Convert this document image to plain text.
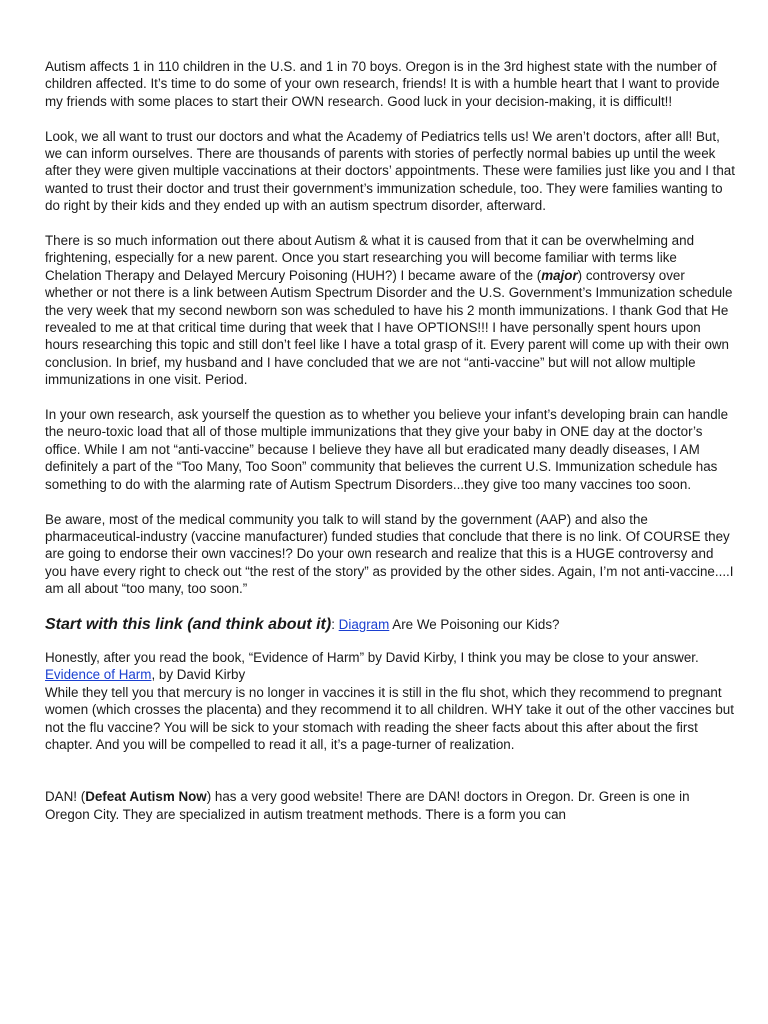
Autism affects 1 in 110 children in the U.S. and 1 in 70 boys. Oregon is in the 3rd highest state with the number of children affected. It’s time to do some of your own research, friends! It is with a humble heart that I want to provide my friends with some places to start their OWN research. Good luck in your decision-making, it is difficult!!

Look, we all want to trust our doctors and what the Academy of Pediatrics tells us! We aren’t doctors, after all! But, we can inform ourselves. There are thousands of parents with stories of perfectly normal babies up until the week after they were given multiple vaccinations at their doctors’ appointments. These were families just like you and I that wanted to trust their doctor and trust their government’s immunization schedule, too. They were families wanting to do right by their kids and they ended up with an autism spectrum disorder, afterward.

There is so much information out there about Autism & what it is caused from that it can be overwhelming and frightening, especially for a new parent. Once you start researching you will become familiar with terms like Chelation Therapy and Delayed Mercury Poisoning (HUH?) I became aware of the (major) controversy over whether or not there is a link between Autism Spectrum Disorder and the U.S. Government’s Immunization schedule the very week that my second newborn son was scheduled to have his 2 month immunizations. I thank God that He revealed to me at that critical time during that week that I have OPTIONS!!! I have personally spent hours upon hours researching this topic and still don’t feel like I have a total grasp of it. Every parent will come up with their own conclusion. In brief, my husband and I have concluded that we are not “anti-vaccine” but will not allow multiple immunizations in one visit. Period.

In your own research, ask yourself the question as to whether you believe your infant’s developing brain can handle the neuro-toxic load that all of those multiple immunizations that they give your baby in ONE day at the doctor’s office. While I am not “anti-vaccine” because I believe they have all but eradicated many deadly diseases, I AM definitely a part of the “Too Many, Too Soon” community that believes the current U.S. Immunization schedule has something to do with the alarming rate of Autism Spectrum Disorders...they give too many vaccines too soon.

Be aware, most of the medical community you talk to will stand by the government (AAP) and also the pharmaceutical-industry (vaccine manufacturer) funded studies that conclude that there is no link. Of COURSE they are going to endorse their own vaccines!? Do your own research and realize that this is a HUGE controversy and you have every right to check out “the rest of the story” as provided by the other sides. Again, I’m not anti-vaccine....I am all about “too many, too soon.”

Start with this link (and think about it): Diagram Are We Poisoning our Kids?

Honestly, after you read the book, “Evidence of Harm” by David Kirby, I think you may be close to your answer. Evidence of Harm, by David Kirby

While they tell you that mercury is no longer in vaccines it is still in the flu shot, which they recommend to pregnant women (which crosses the placenta) and they recommend it to all children. WHY take it out of the other vaccines but not the flu vaccine? You will be sick to your stomach with reading the sheer facts about this after about the first chapter. And you will be compelled to read it all, it’s a page-turner of realization.

DAN! (Defeat Autism Now) has a very good website! There are DAN! doctors in Oregon. Dr. Green is one in Oregon City. They are specialized in autism treatment methods. There is a form you can
